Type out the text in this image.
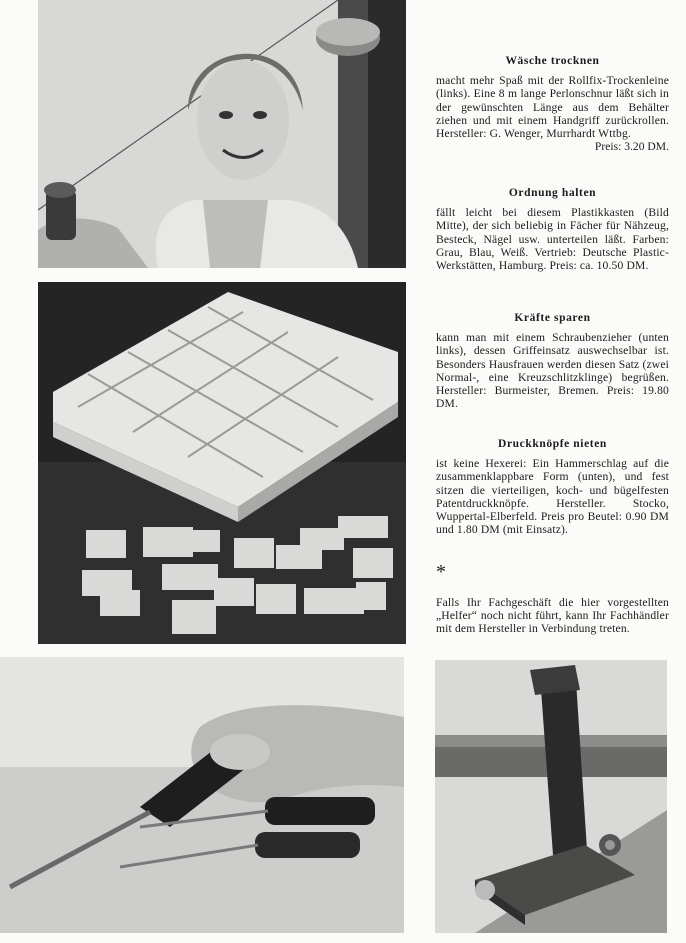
Wäsche trocknen

macht mehr Spaß mit der Rollfix-Trockenleine (links). Eine 8 m lange Perlonschnur läßt sich in der gewünschten Länge aus dem Behälter ziehen und mit einem Handgriff zurückrollen. Hersteller: G. Wenger, Murrhardt Wttbg.

Preis: 3.20 DM.
Ordnung halten

fällt leicht bei diesem Plastikkasten (Bild Mitte), der sich beliebig in Fächer für Nähzeug, Besteck, Nägel usw. unterteilen läßt. Farben: Grau, Blau, Weiß. Vertrieb: Deutsche Plastic-Werkstätten, Hamburg. Preis: ca. 10.50 DM.

Kräfte sparen

kann man mit einem Schraubenzieher (unten links), dessen Griffeinsatz auswechselbar ist. Besonders Hausfrauen werden diesen Satz (zwei Normal-, eine Kreuzschlitzklinge) begrüßen. Hersteller: Burmeister, Bremen. Preis: 19.80 DM.

Druckknöpfe nieten

ist keine Hexerei: Ein Hammerschlag auf die zusammenklappbare Form (unten), und fest sitzen die vierteiligen, koch- und bügelfesten Patentdruckknöpfe. Hersteller. Stocko, Wuppertal-Elberfeld. Preis pro Beutel: 0.90 DM und 1.80 DM (mit Einsatz).

*

Falls Ihr Fachgeschäft die hier vorgestellten „Helfer“ noch nicht führt, kann Ihr Fachhändler mit dem Hersteller in Verbindung treten.
